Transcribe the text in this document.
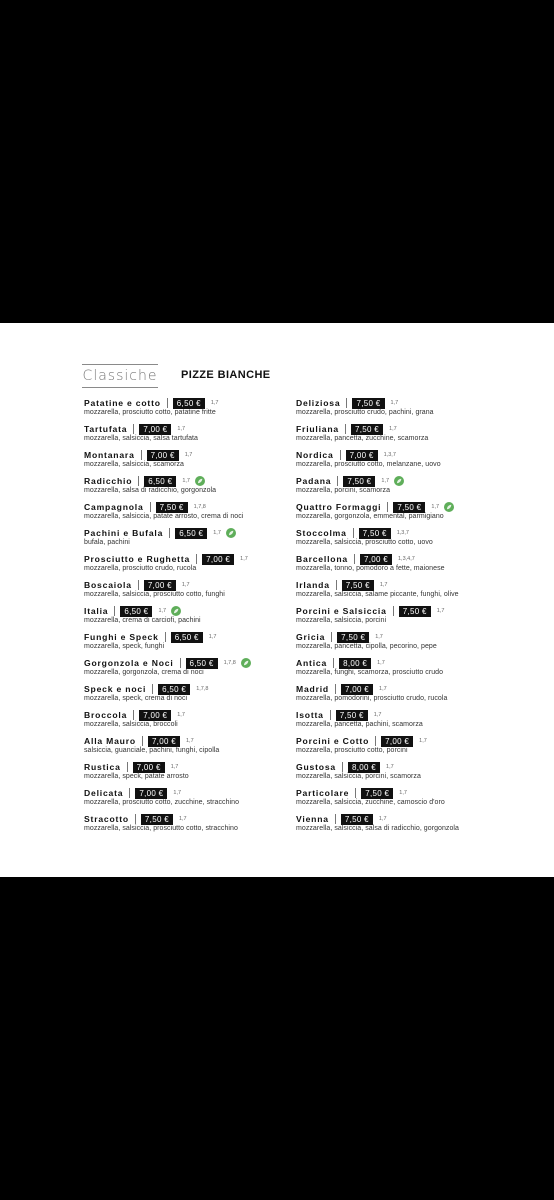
Classiche PIZZE BIANCHE
Patatine e cotto	6,50 €	1,7
mozzarella, prosciutto cotto, patatine fritte
Tartufata	7,00 €	1,7
mozzarella, salsiccia, salsa tartufata
Montanara	7,00 €	1,7
mozzarella, salsiccia, scamorza
Radicchio	6,50 €	1,7
mozzarella, salsa di radicchio, gorgonzola
Campagnola	7,50 €	1,7,8
mozzarella, salsiccia, patate arrosto, crema di noci
Pachini e Bufala	6,50 €	1,7
bufala, pachini
Prosciutto e Rughetta	7,00 €	1,7
mozzarella, prosciutto crudo, rucola
Boscaiola	7,00 €	1,7
mozzarella, salsiccia, prosciutto cotto, funghi
Italia	6,50 €	1,7
mozzarella, crema di carciofi, pachini
Funghi e Speck	6,50 €	1,7
mozzarella, speck, funghi
Gorgonzola e Noci	6,50 €	1,7,8
mozzarella, gorgonzola, crema di noci
Speck e noci	6,50 €	1,7,8
mozzarella, speck, crema di noci
Broccola	7,00 €	1,7
mozzarella, salsiccia, broccoli
Alla Mauro	7,00 €	1,7
salsiccia, guanciale, pachini, funghi, cipolla
Rustica	7,00 €	1,7
mozzarella, speck, patate arrosto
Delicata	7,00 €	1,7
mozzarella, prosciutto cotto, zucchine, stracchino
Stracotto	7,50 €	1,7
mozzarella, salsiccia, prosciutto cotto, stracchino
Deliziosa	7,50 €	1,7
mozzarella, prosciutto crudo, pachini, grana
Friuliana	7,50 €	1,7
mozzarella, pancetta, zucchine, scamorza
Nordica	7,00 €	1,3,7
mozzarella, prosciutto cotto, melanzane, uovo
Padana	7,50 €	1,7
mozzarella, porcini, scamorza
Quattro Formaggi	7,50 €	1,7
mozzarella, gorgonzola, emmental, parmigiano
Stoccolma	7,50 €	1,3,7
mozzarella, salsiccia, prosciutto cotto, uovo
Barcellona	7,00 €	1,3,4,7
mozzarella, tonno, pomodoro a fette, maionese
Irlanda	7,50 €	1,7
mozzarella, salsiccia, salame piccante, funghi, olive
Porcini e Salsiccia	7,50 €	1,7
mozzarella, salsiccia, porcini
Gricia	7,50 €	1,7
mozzarella, pancetta, cipolla, pecorino, pepe
Antica	8,00 €	1,7
mozzarella, funghi, scamorza, prosciutto crudo
Madrid	7,00 €	1,7
mozzarella, pomodorini, prosciutto crudo, rucola
Isotta	7,50 €	1,7
mozzarella, pancetta, pachini, scamorza
Porcini e Cotto	7,00 €	1,7
mozzarella, prosciutto cotto, porcini
Gustosa	8,00 €	1,7
mozzarella, salsiccia, porcini, scamorza
Particolare	7,50 €	1,7
mozzarella, salsiccia, zucchine, camoscio d'oro
Vienna	7,50 €	1,7
mozzarella, salsiccia, salsa di radicchio, gorgonzola
